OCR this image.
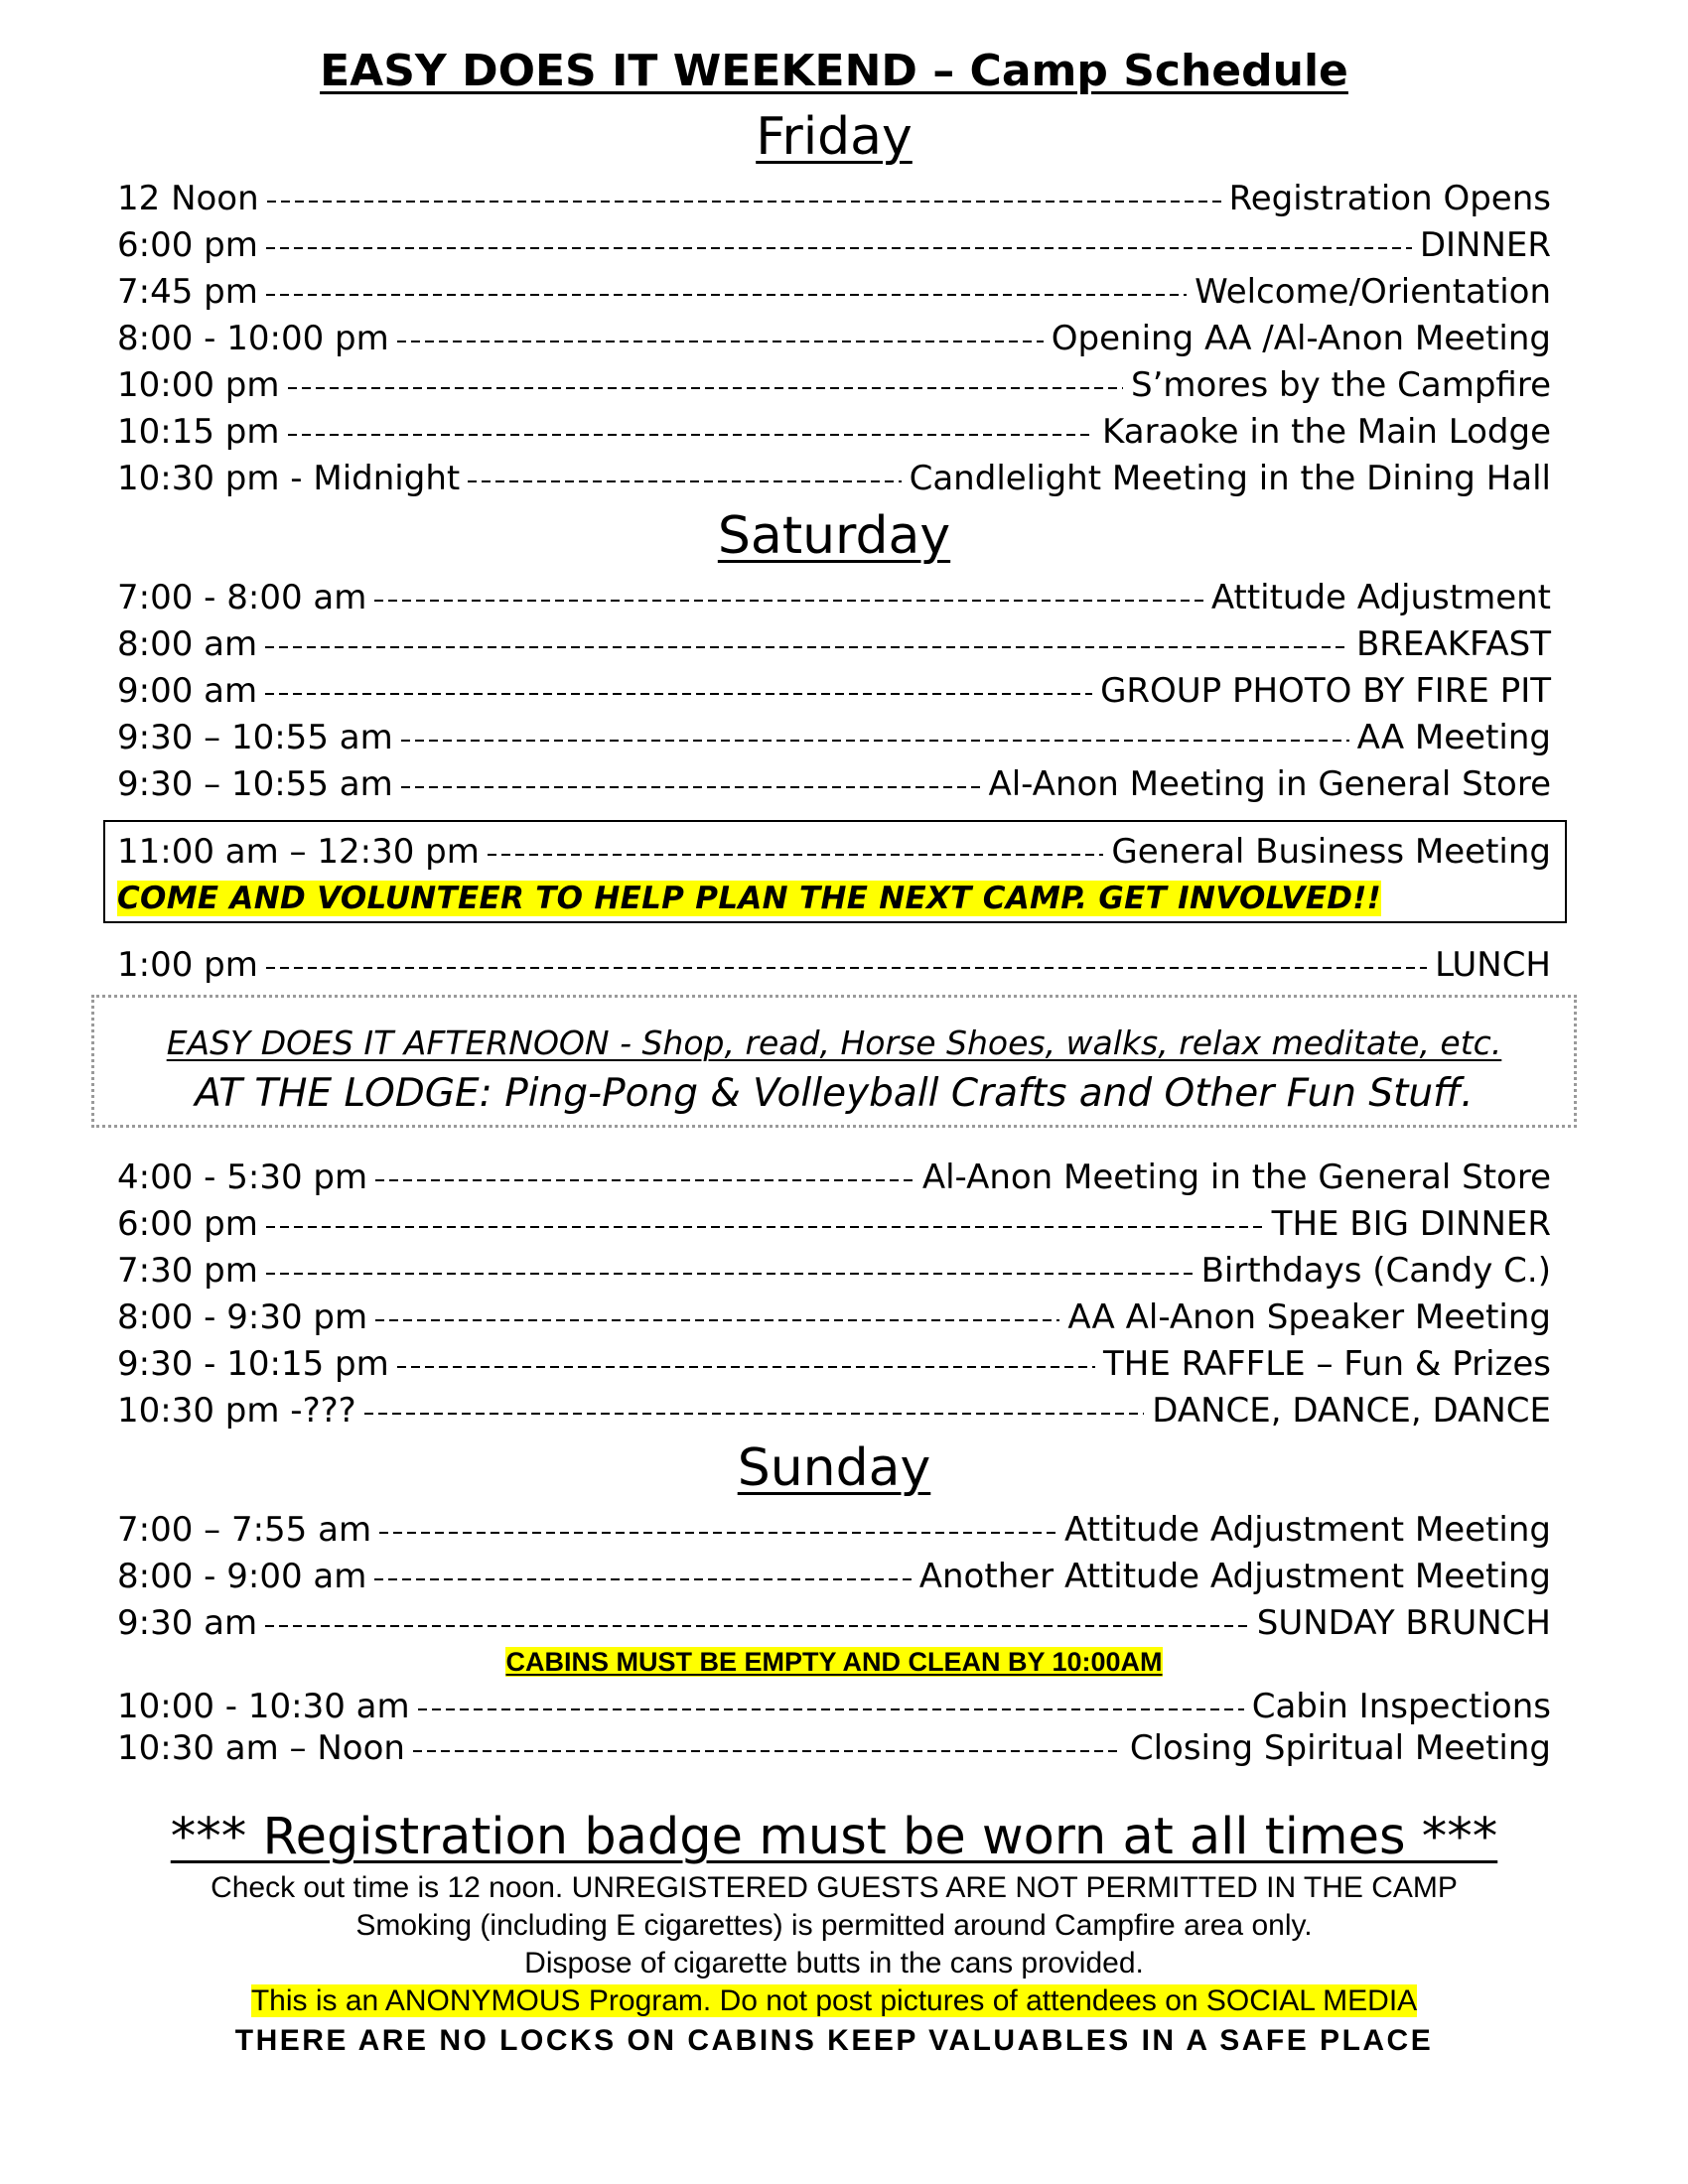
EASY DOES IT WEEKEND – Camp Schedule
Friday
12 Noon	Registration Opens
6:00 pm	DINNER
7:45 pm	Welcome/Orientation
8:00 - 10:00 pm	Opening AA /Al-Anon Meeting
10:00 pm	S’mores by the Campfire
10:15 pm	Karaoke in the Main Lodge
10:30 pm - Midnight	Candlelight Meeting in the Dining Hall
Saturday
7:00 - 8:00 am	Attitude Adjustment
8:00 am	BREAKFAST
9:00 am	GROUP PHOTO BY FIRE PIT
9:30 – 10:55 am	AA Meeting
9:30 – 10:55 am	Al-Anon Meeting in General Store
11:00 am – 12:30 pm	General Business Meeting
COME AND VOLUNTEER TO HELP PLAN THE NEXT CAMP. GET INVOLVED!!
1:00 pm	LUNCH
EASY DOES IT AFTERNOON - Shop, read, Horse Shoes, walks, relax meditate, etc.
AT THE LODGE: Ping-Pong & Volleyball Crafts and Other Fun Stuff.
4:00 - 5:30 pm	Al-Anon Meeting in the General Store
6:00 pm	THE BIG DINNER
7:30 pm	Birthdays (Candy C.)
8:00 - 9:30 pm	AA Al-Anon Speaker Meeting
9:30 - 10:15 pm	THE RAFFLE – Fun & Prizes
10:30 pm -???	DANCE, DANCE, DANCE
Sunday
7:00 – 7:55 am	Attitude Adjustment Meeting
8:00 - 9:00 am	Another Attitude Adjustment Meeting
9:30 am	SUNDAY BRUNCH
CABINS MUST BE EMPTY AND CLEAN BY 10:00AM
10:00 - 10:30 am	Cabin Inspections
10:30 am – Noon	Closing Spiritual Meeting
*** Registration badge must be worn at all times ***
Check out time is 12 noon. UNREGISTERED GUESTS ARE NOT PERMITTED IN THE CAMP
Smoking (including E cigarettes) is permitted around Campfire area only.
Dispose of cigarette butts in the cans provided.
This is an ANONYMOUS Program. Do not post pictures of attendees on SOCIAL MEDIA
THERE ARE NO LOCKS ON CABINS KEEP VALUABLES IN A SAFE PLACE
